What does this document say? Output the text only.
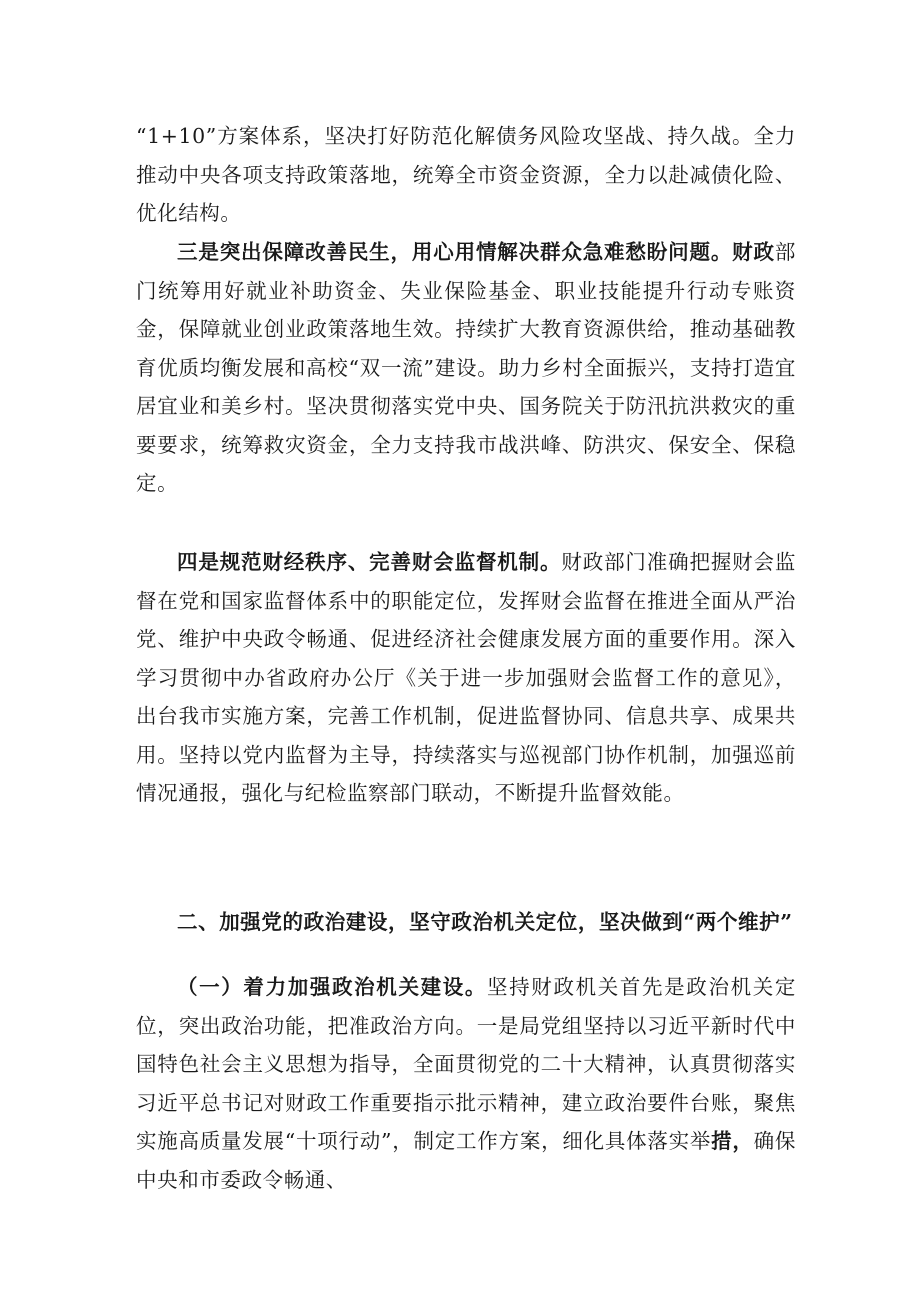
“1+10”方案体系，坚决打好防范化解债务风险攻坚战、持久战。全力推动中央各项支持政策落地，统筹全市资金资源，全力以赴减债化险、优化结构。

三是突出保障改善民生，用心用情解决群众急难愁盼问题。财政部门统筹用好就业补助资金、失业保险基金、职业技能提升行动专账资金，保障就业创业政策落地生效。持续扩大教育资源供给，推动基础教育优质均衡发展和高校“双一流”建设。助力乡村全面振兴，支持打造宜居宜业和美乡村。坚决贯彻落实党中央、国务院关于防汛抗洪救灾的重要要求，统筹救灾资金，全力支持我市战洪峰、防洪灾、保安全、保稳定。

四是规范财经秩序、完善财会监督机制。财政部门准确把握财会监督在党和国家监督体系中的职能定位，发挥财会监督在推进全面从严治党、维护中央政令畅通、促进经济社会健康发展方面的重要作用。深入学习贯彻中办省政府办公厅《关于进一步加强财会监督工作的意见》，出台我市实施方案，完善工作机制，促进监督协同、信息共享、成果共用。坚持以党内监督为主导，持续落实与巡视部门协作机制，加强巡前情况通报，强化与纪检监察部门联动，不断提升监督效能。

二、加强党的政治建设，坚守政治机关定位，坚决做到“两个维护”

（一）着力加强政治机关建设。坚持财政机关首先是政治机关定位，突出政治功能，把准政治方向。一是局党组坚持以习近平新时代中国特色社会主义思想为指导，全面贯彻党的二十大精神，认真贯彻落实习近平总书记对财政工作重要指示批示精神，建立政治要件台账，聚焦实施高质量发展“十项行动”，制定工作方案，细化具体落实举措，确保中央和市委政令畅通、
